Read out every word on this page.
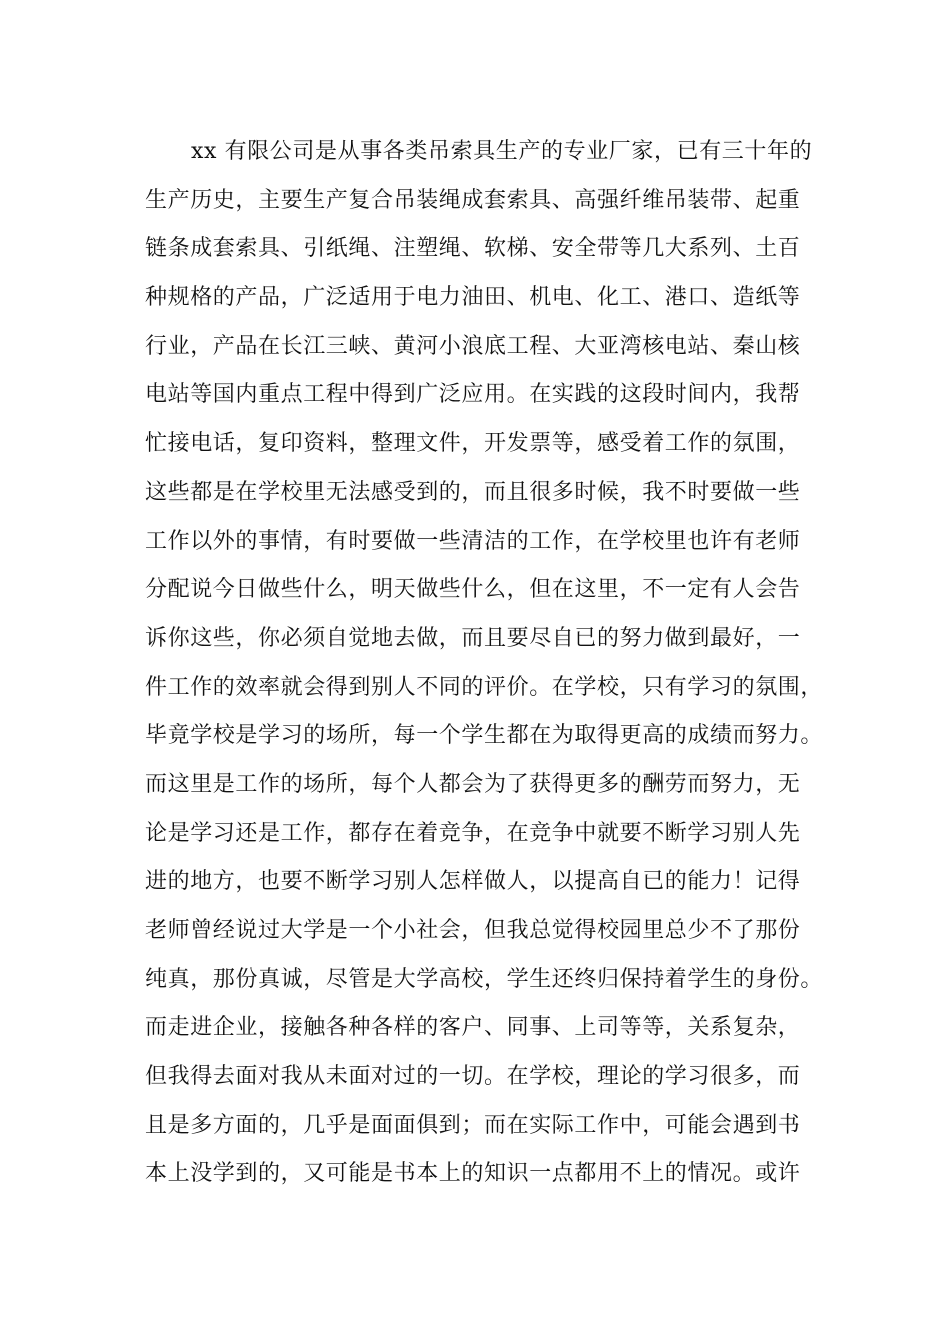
xx 有限公司是从事各类吊索具生产的专业厂家，已有三十年的
生产历史，主要生产复合吊装绳成套索具、高强纤维吊装带、起重
链条成套索具、引纸绳、注塑绳、软梯、安全带等几大系列、土百
种规格的产品，广泛适用于电力油田、机电、化工、港口、造纸等
行业，产品在长江三峡、黄河小浪底工程、大亚湾核电站、秦山核
电站等国内重点工程中得到广泛应用。在实践的这段时间内，我帮
忙接电话，复印资料，整理文件，开发票等，感受着工作的氛围，
这些都是在学校里无法感受到的，而且很多时候，我不时要做一些
工作以外的事情，有时要做一些清洁的工作，在学校里也许有老师
分配说今日做些什么，明天做些什么，但在这里，不一定有人会告
诉你这些，你必须自觉地去做，而且要尽自已的努力做到最好，一
件工作的效率就会得到别人不同的评价。在学校，只有学习的氛围，
毕竟学校是学习的场所，每一个学生都在为取得更高的成绩而努力。
而这里是工作的场所，每个人都会为了获得更多的酬劳而努力，无
论是学习还是工作，都存在着竞争，在竞争中就要不断学习别人先
进的地方，也要不断学习别人怎样做人，以提高自已的能力！记得
老师曾经说过大学是一个小社会，但我总觉得校园里总少不了那份
纯真，那份真诚，尽管是大学高校，学生还终归保持着学生的身份。
而走进企业，接触各种各样的客户、同事、上司等等，关系复杂，
但我得去面对我从未面对过的一切。在学校，理论的学习很多，而
且是多方面的，几乎是面面俱到；而在实际工作中，可能会遇到书
本上没学到的，又可能是书本上的知识一点都用不上的情况。或许
